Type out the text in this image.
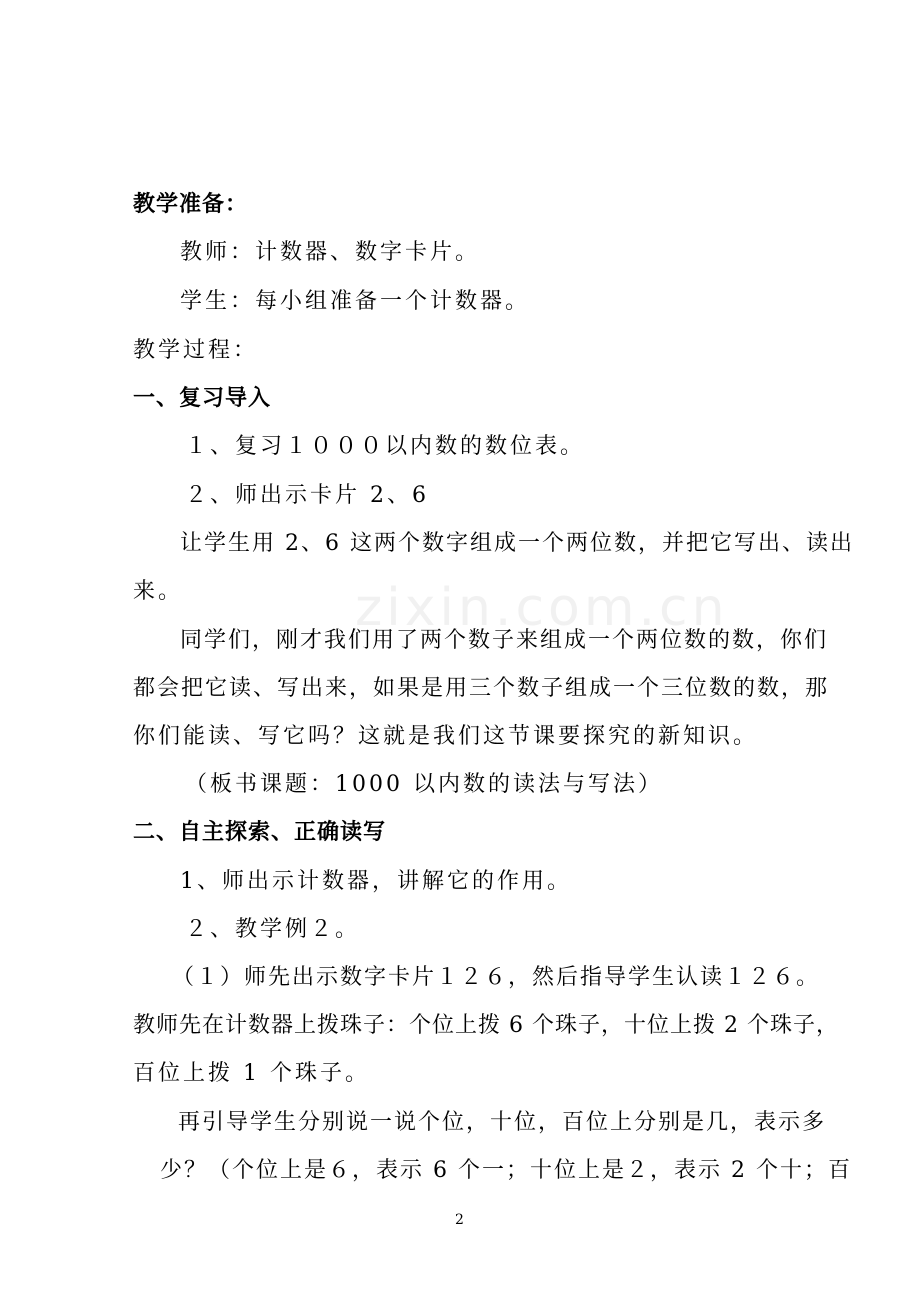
zixin.com.cn
教学准备：
教师：计数器、数字卡片。
学生：每小组准备一个计数器。
教学过程：
一、复习导入
１、复习１０００以内数的数位表。
２、师出示卡片 2、6
让学生用 2、6 这两个数字组成一个两位数，并把它写出、读出
来。
同学们，刚才我们用了两个数子来组成一个两位数的数，你们
都会把它读、写出来，如果是用三个数子组成一个三位数的数，那
你们能读、写它吗？这就是我们这节课要探究的新知识。
（板书课题：1000 以内数的读法与写法）
二、自主探索、正确读写
1、师出示计数器，讲解它的作用。
２、教学例２。
（１）师先出示数字卡片１２６，然后指导学生认读１２６。
教师先在计数器上拨珠子：个位上拨 6 个珠子，十位上拨 2 个珠子，
百位上拨 1 个珠子。
再引导学生分别说一说个位，十位，百位上分别是几，表示多
少？（个位上是６，表示 6 个一；十位上是２，表示 2 个十；百
2
